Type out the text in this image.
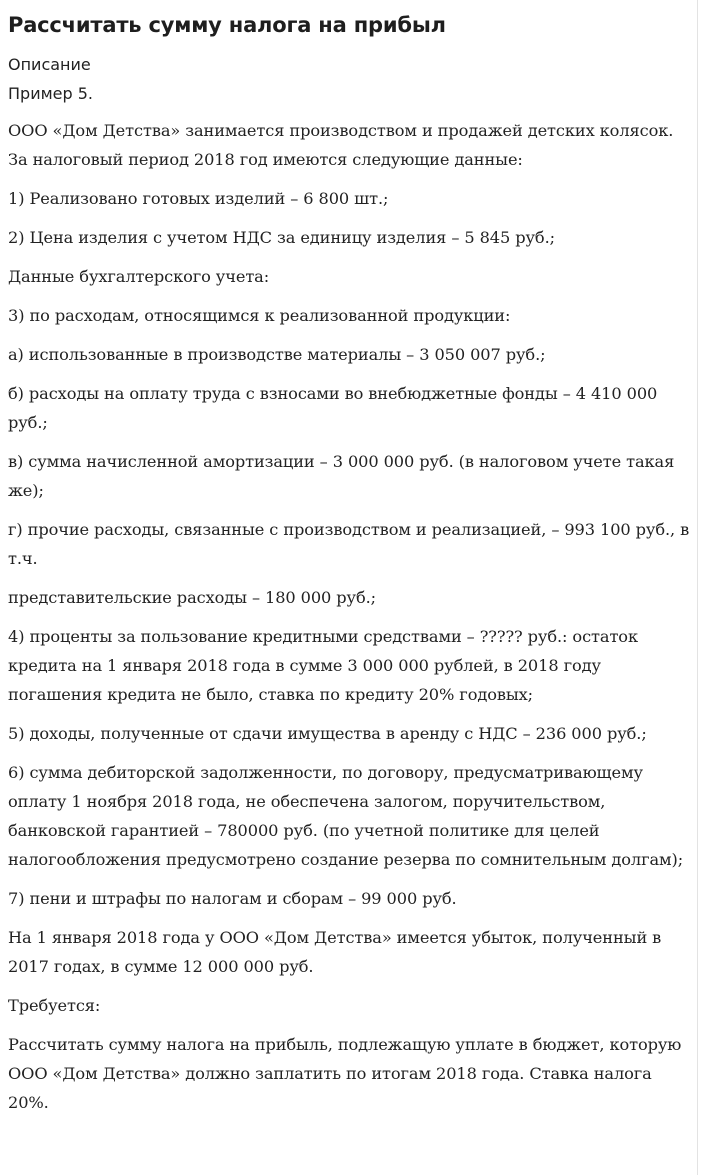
Рассчитать сумму налога на прибыл
Описание
Пример 5.

ООО «Дом Детства» занимается производством и продажей детских колясок. За налоговый период 2018 год имеются следующие данные:

1) Реализовано готовых изделий – 6 800 шт.;

2) Цена изделия с учетом НДС за единицу изделия – 5 845 руб.;

Данные бухгалтерского учета:

3) по расходам, относящимся к реализованной продукции:

а) использованные в производстве материалы – 3 050 007 руб.;

б) расходы на оплату труда с взносами во внебюджетные фонды – 4 410 000 руб.;

в) сумма начисленной амортизации – 3 000 000 руб. (в налоговом учете такая же);

г) прочие расходы, связанные с производством и реализацией, – 993 100 руб., в т.ч.

представительские расходы – 180 000 руб.;

4) проценты за пользование кредитными средствами – ????? руб.: остаток кредита на 1 января 2018 года в сумме 3 000 000 рублей, в 2018 году погашения кредита не было, ставка по кредиту 20% годовых;

5) доходы, полученные от сдачи имущества в аренду с НДС – 236 000 руб.;

6) сумма дебиторской задолженности, по договору, предусматривающему оплату 1 ноября 2018 года, не обеспечена залогом, поручительством, банковской гарантией – 780000 руб. (по учетной политике для целей налогообложения предусмотрено создание резерва по сомнительным долгам);

7) пени и штрафы по налогам и сборам – 99 000 руб.

На 1 января 2018 года у ООО «Дом Детства» имеется убыток, полученный в 2017 годах, в сумме 12 000 000 руб.

Требуется:

Рассчитать сумму налога на прибыль, подлежащую уплате в бюджет, которую ООО «Дом Детства» должно заплатить по итогам 2018 года. Ставка налога 20%.
